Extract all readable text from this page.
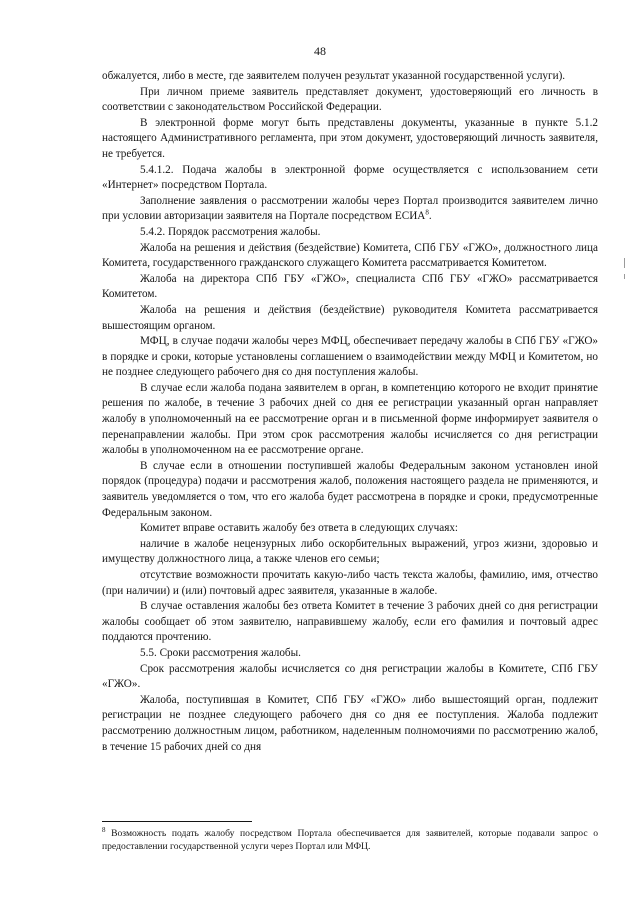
48

обжалуется, либо в месте, где заявителем получен результат указанной государственной услуги).

При личном приеме заявитель представляет документ, удостоверяющий его личность в соответствии с законодательством Российской Федерации.

В электронной форме могут быть представлены документы, указанные в пункте 5.1.2 настоящего Административного регламента, при этом документ, удостоверяющий личность заявителя, не требуется.

5.4.1.2. Подача жалобы в электронной форме осуществляется с использованием сети «Интернет» посредством Портала.

Заполнение заявления о рассмотрении жалобы через Портал производится заявителем лично при условии авторизации заявителя на Портале посредством ЕСИА$^8$.

5.4.2. Порядок рассмотрения жалобы.

Жалоба на решения и действия (бездействие) Комитета, СПб ГБУ «ГЖО», должностного лица Комитета, государственного гражданского служащего Комитета рассматривается Комитетом.

Жалоба на директора СПб ГБУ «ГЖО», специалиста СПб ГБУ «ГЖО» рассматривается Комитетом.

Жалоба на решения и действия (бездействие) руководителя Комитета рассматривается вышестоящим органом.

МФЦ, в случае подачи жалобы через МФЦ, обеспечивает передачу жалобы в СПб ГБУ «ГЖО» в порядке и сроки, которые установлены соглашением о взаимодействии между МФЦ и Комитетом, но не позднее следующего рабочего дня со дня поступления жалобы.

В случае если жалоба подана заявителем в орган, в компетенцию которого не входит принятие решения по жалобе, в течение 3 рабочих дней со дня ее регистрации указанный орган направляет жалобу в уполномоченный на ее рассмотрение орган и в письменной форме информирует заявителя о перенаправлении жалобы. При этом срок рассмотрения жалобы исчисляется со дня регистрации жалобы в уполномоченном на ее рассмотрение органе.

В случае если в отношении поступившей жалобы Федеральным законом установлен иной порядок (процедура) подачи и рассмотрения жалоб, положения настоящего раздела не применяются, и заявитель уведомляется о том, что его жалоба будет рассмотрена в порядке и сроки, предусмотренные Федеральным законом.

Комитет вправе оставить жалобу без ответа в следующих случаях:

наличие в жалобе нецензурных либо оскорбительных выражений, угроз жизни, здоровью и имуществу должностного лица, а также членов его семьи;

отсутствие возможности прочитать какую-либо часть текста жалобы, фамилию, имя, отчество (при наличии) и (или) почтовый адрес заявителя, указанные в жалобе.

В случае оставления жалобы без ответа Комитет в течение 3 рабочих дней со дня регистрации жалобы сообщает об этом заявителю, направившему жалобу, если его фамилия и почтовый адрес поддаются прочтению.

5.5. Сроки рассмотрения жалобы.

Срок рассмотрения жалобы исчисляется со дня регистрации жалобы в Комитете, СПб ГБУ «ГЖО».

Жалоба, поступившая в Комитет, СПб ГБУ «ГЖО» либо вышестоящий орган, подлежит регистрации не позднее следующего рабочего дня со дня ее поступления. Жалоба подлежит рассмотрению должностным лицом, работником, наделенным полномочиями по рассмотрению жалоб, в течение 15 рабочих дней со дня

$^8$ Возможность подать жалобу посредством Портала обеспечивается для заявителей, которые подавали запрос о предоставлении государственной услуги через Портал или МФЦ.
